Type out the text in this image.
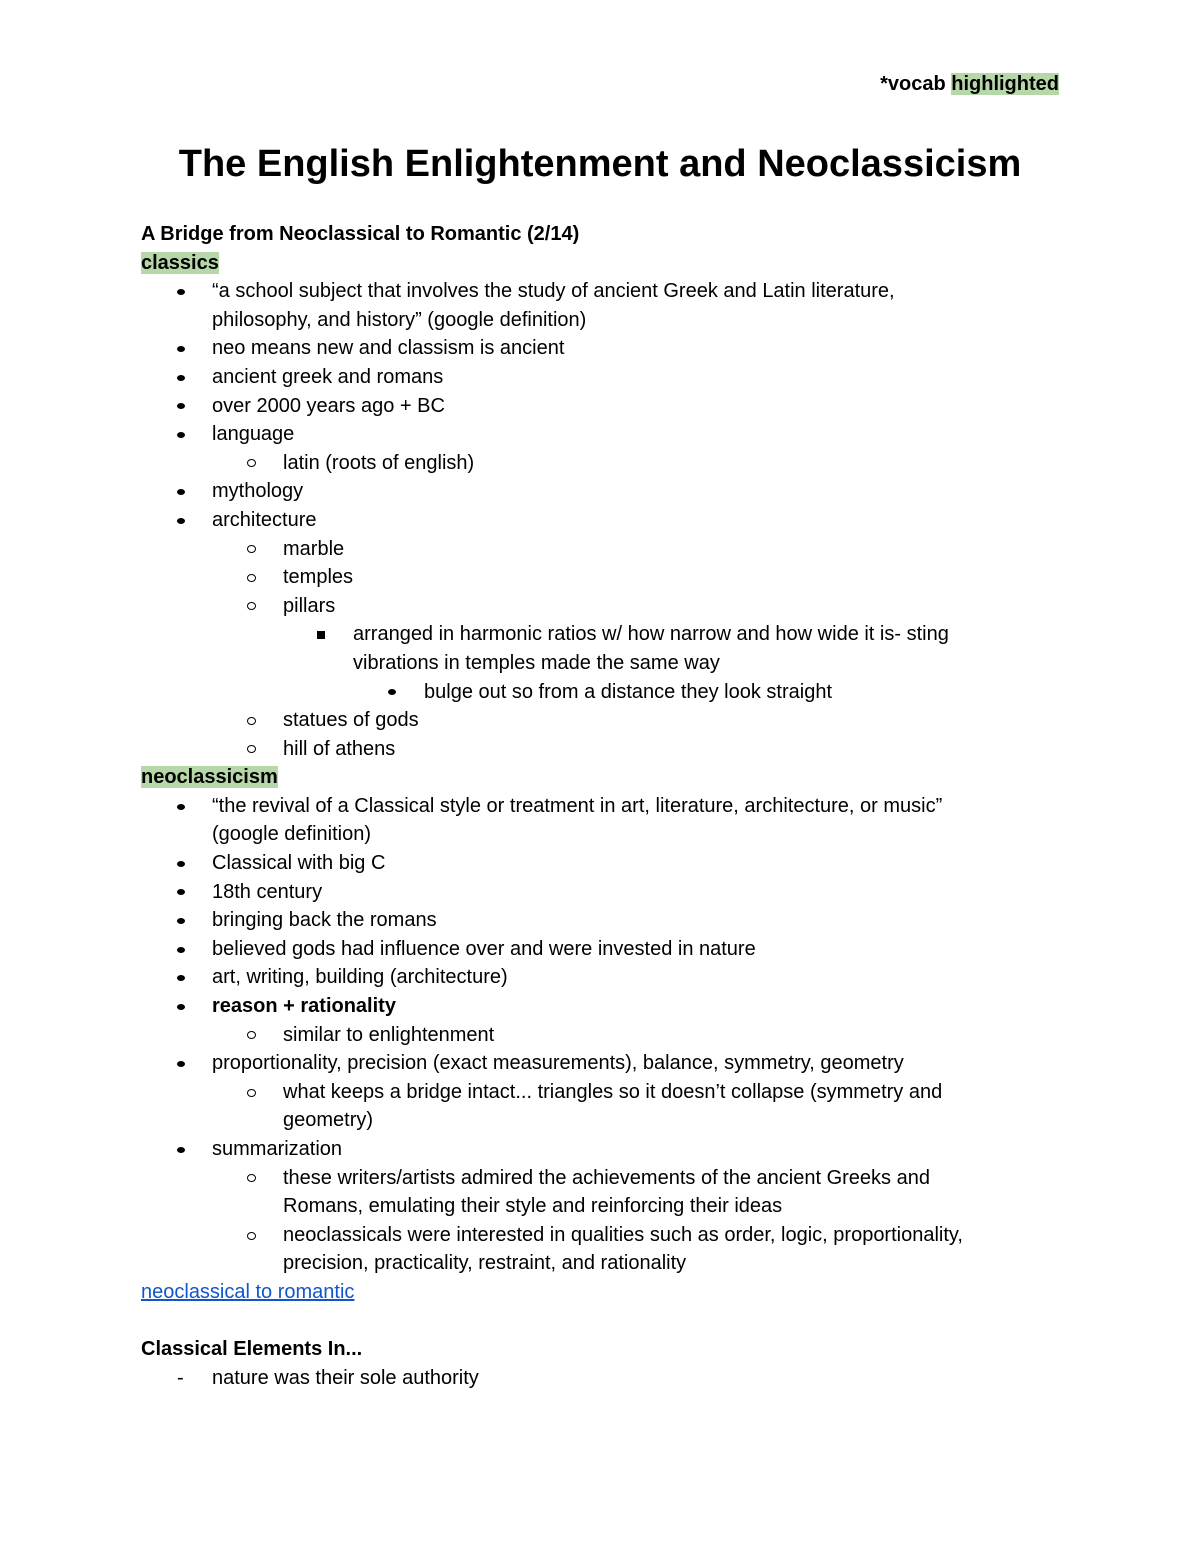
*vocab highlighted
The English Enlightenment and Neoclassicism

A Bridge from Neoclassical to Romantic (2/14)

classics

“a school subject that involves the study of ancient Greek and Latin literature,
philosophy, and history” (google definition)
neo means new and classism is ancient
ancient greek and romans
over 2000 years ago + BC
language
latin (roots of english)
mythology
architecture
marble
temples
pillars
arranged in harmonic ratios w/ how narrow and how wide it is- sting
vibrations in temples made the same way
bulge out so from a distance they look straight
statues of gods
hill of athens

neoclassicism

“the revival of a Classical style or treatment in art, literature, architecture, or music”
(google definition)
Classical with big C
18th century
bringing back the romans
believed gods had influence over and were invested in nature
art, writing, building (architecture)
reason + rationality
similar to enlightenment
proportionality, precision (exact measurements), balance, symmetry, geometry
what keeps a bridge intact... triangles so it doesn’t collapse (symmetry and
geometry)
summarization
these writers/artists admired the achievements of the ancient Greeks and
Romans, emulating their style and reinforcing their ideas
neoclassicals were interested in qualities such as order, logic, proportionality,
precision, practicality, restraint, and rationality

neoclassical to romantic

Classical Elements In...

- nature was their sole authority
